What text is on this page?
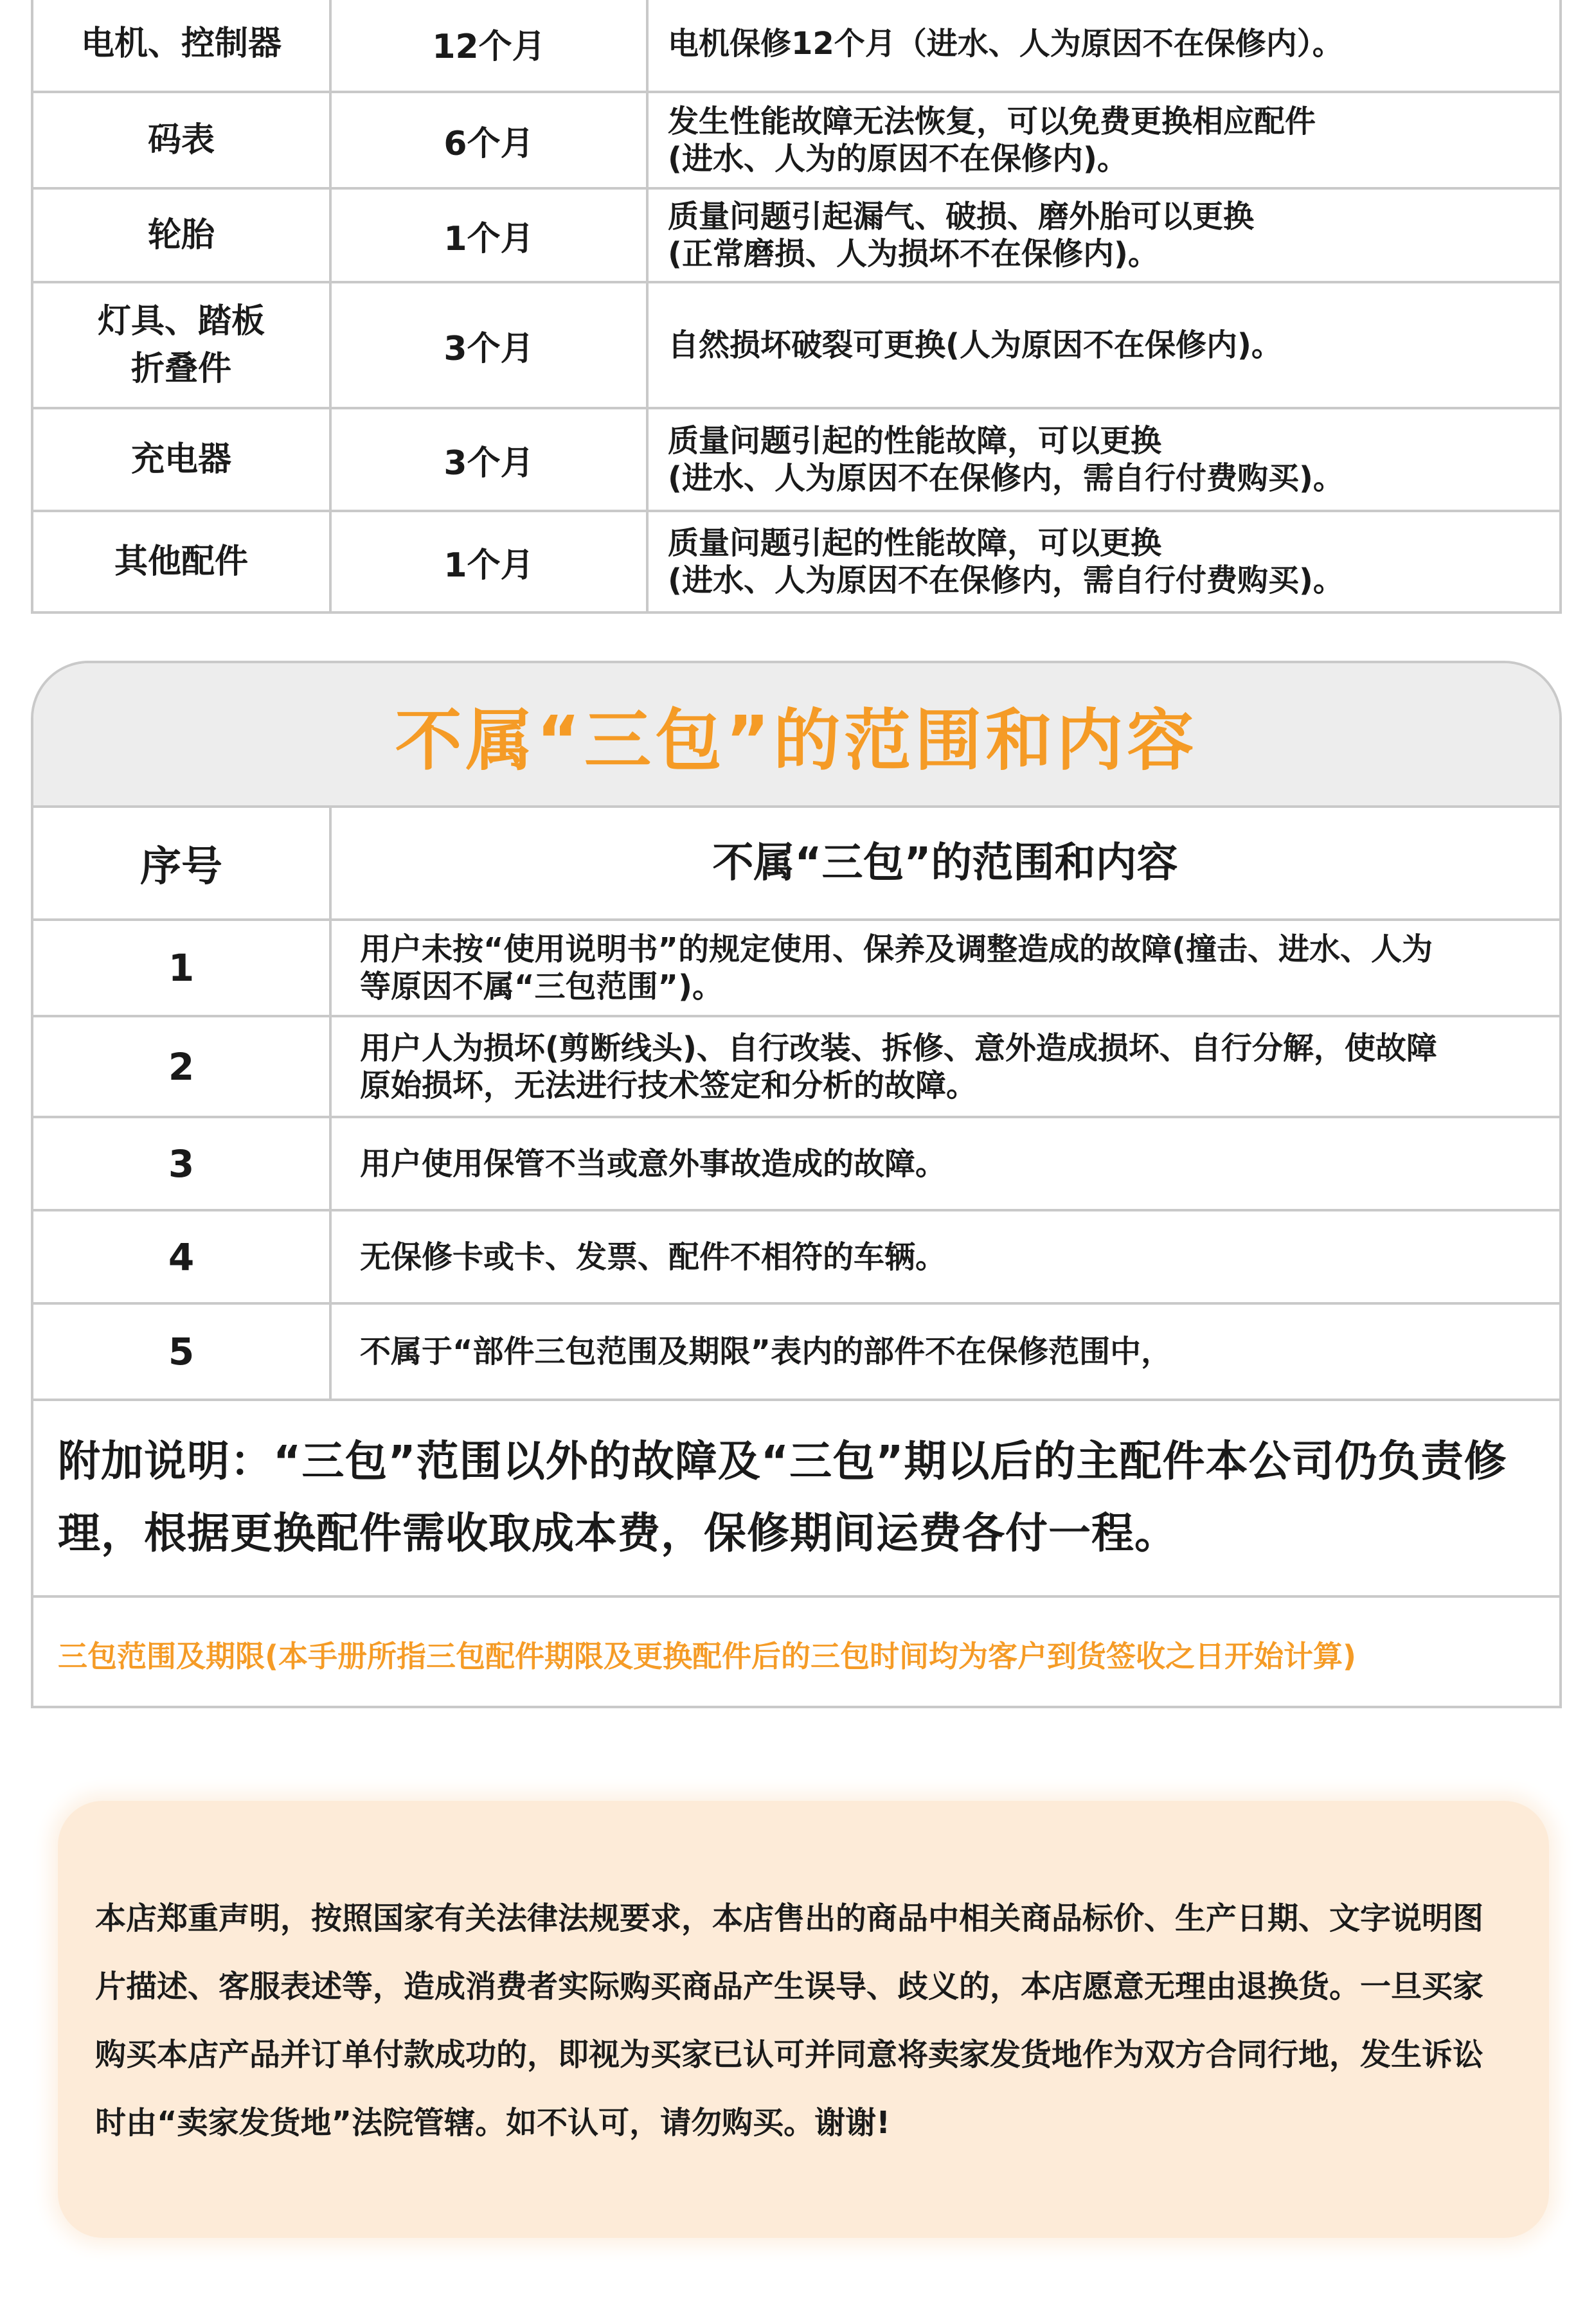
电机、控制器	12个月	电机保修12个月（进水、人为原因不在保修内）。
码表	6个月	发生性能故障无法恢复，可以免费更换相应配件
(进水、人为的原因不在保修内)。
轮胎	1个月	质量问题引起漏气、破损、磨外胎可以更换
(正常磨损、人为损坏不在保修内)。
灯具、踏板
折叠件	3个月	自然损坏破裂可更换(人为原因不在保修内)。
充电器	3个月	质量问题引起的性能故障，可以更换
(进水、人为原因不在保修内，需自行付费购买)。
其他配件	1个月	质量问题引起的性能故障，可以更换
(进水、人为原因不在保修内，需自行付费购买)。
不属“三包”的范围和内容
序号	不属“三包”的范围和内容
1	用户未按“使用说明书”的规定使用、保养及调整造成的故障(撞击、进水、人为
等原因不属“三包范围”)。
2	用户人为损坏(剪断线头)、自行改装、拆修、意外造成损坏、自行分解，使故障
原始损坏，无法进行技术签定和分析的故障。
3	用户使用保管不当或意外事故造成的故障。
4	无保修卡或卡、发票、配件不相符的车辆。
5	不属于“部件三包范围及期限”表内的部件不在保修范围中，
附加说明：“三包”范围以外的故障及“三包”期以后的主配件本公司仍负责修理，根据更换配件需收取成本费，保修期间运费各付一程。
三包范围及期限(本手册所指三包配件期限及更换配件后的三包时间均为客户到货签收之日开始计算)
本店郑重声明，按照国家有关法律法规要求，本店售出的商品中相关商品标价、生产日期、文字说明图片描述、客服表述等，造成消费者实际购买商品产生误导、歧义的，本店愿意无理由退换货。一旦买家购买本店产品并订单付款成功的，即视为买家已认可并同意将卖家发货地作为双方合同行地，发生诉讼时由“卖家发货地”法院管辖。如不认可，请勿购买。谢谢!
